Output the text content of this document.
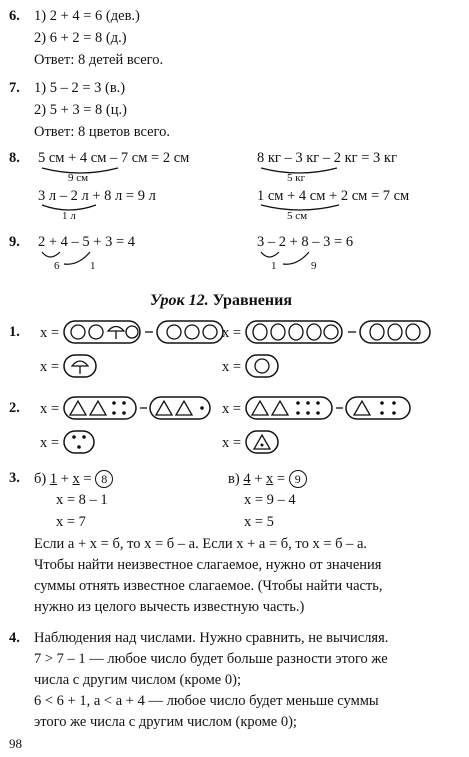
6. 1) 2 + 4 = 6 (дев.)
2) 6 + 2 = 8 (д.)
Ответ: 8 детей всего.
7. 1) 5 – 2 = 3 (в.)
2) 5 + 3 = 8 (ц.)
Ответ: 8 цветов всего.
8. 5 см + 4 см – 7 см = 2 см
9 см
8 кг – 3 кг – 2 кг = 3 кг
5 кг
3 л – 2 л + 8 л = 9 л
1 л
1 см + 4 см + 2 см = 7 см
5 см
9. 2 + 4 – 5 + 3 = 4
6	1
3 – 2 + 8 – 3 = 6
1	9
Урок 12. Уравнения
1. x =
x =
x =
x =
2. x =
x =
x =
x =
3. б) 1 + x = 8
x = 8 – 1
x = 7
в) 4 + x = 9
x = 9 – 4
x = 5
Если a + x = б, то x = б – a. Если x + a = б, то x = б – a.
Чтобы найти неизвестное слагаемое, нужно от значения
суммы отнять известное слагаемое. (Чтобы найти часть,
нужно из целого вычесть известную часть.)
4. Наблюдения над числами. Нужно сравнить, не вычисляя.
7 > 7 – 1 — любое число будет больше разности этого же
числа с другим числом (кроме 0);
6 < 6 + 1, a < a + 4 — любое число будет меньше суммы
этого же числа с другим числом (кроме 0);
98
